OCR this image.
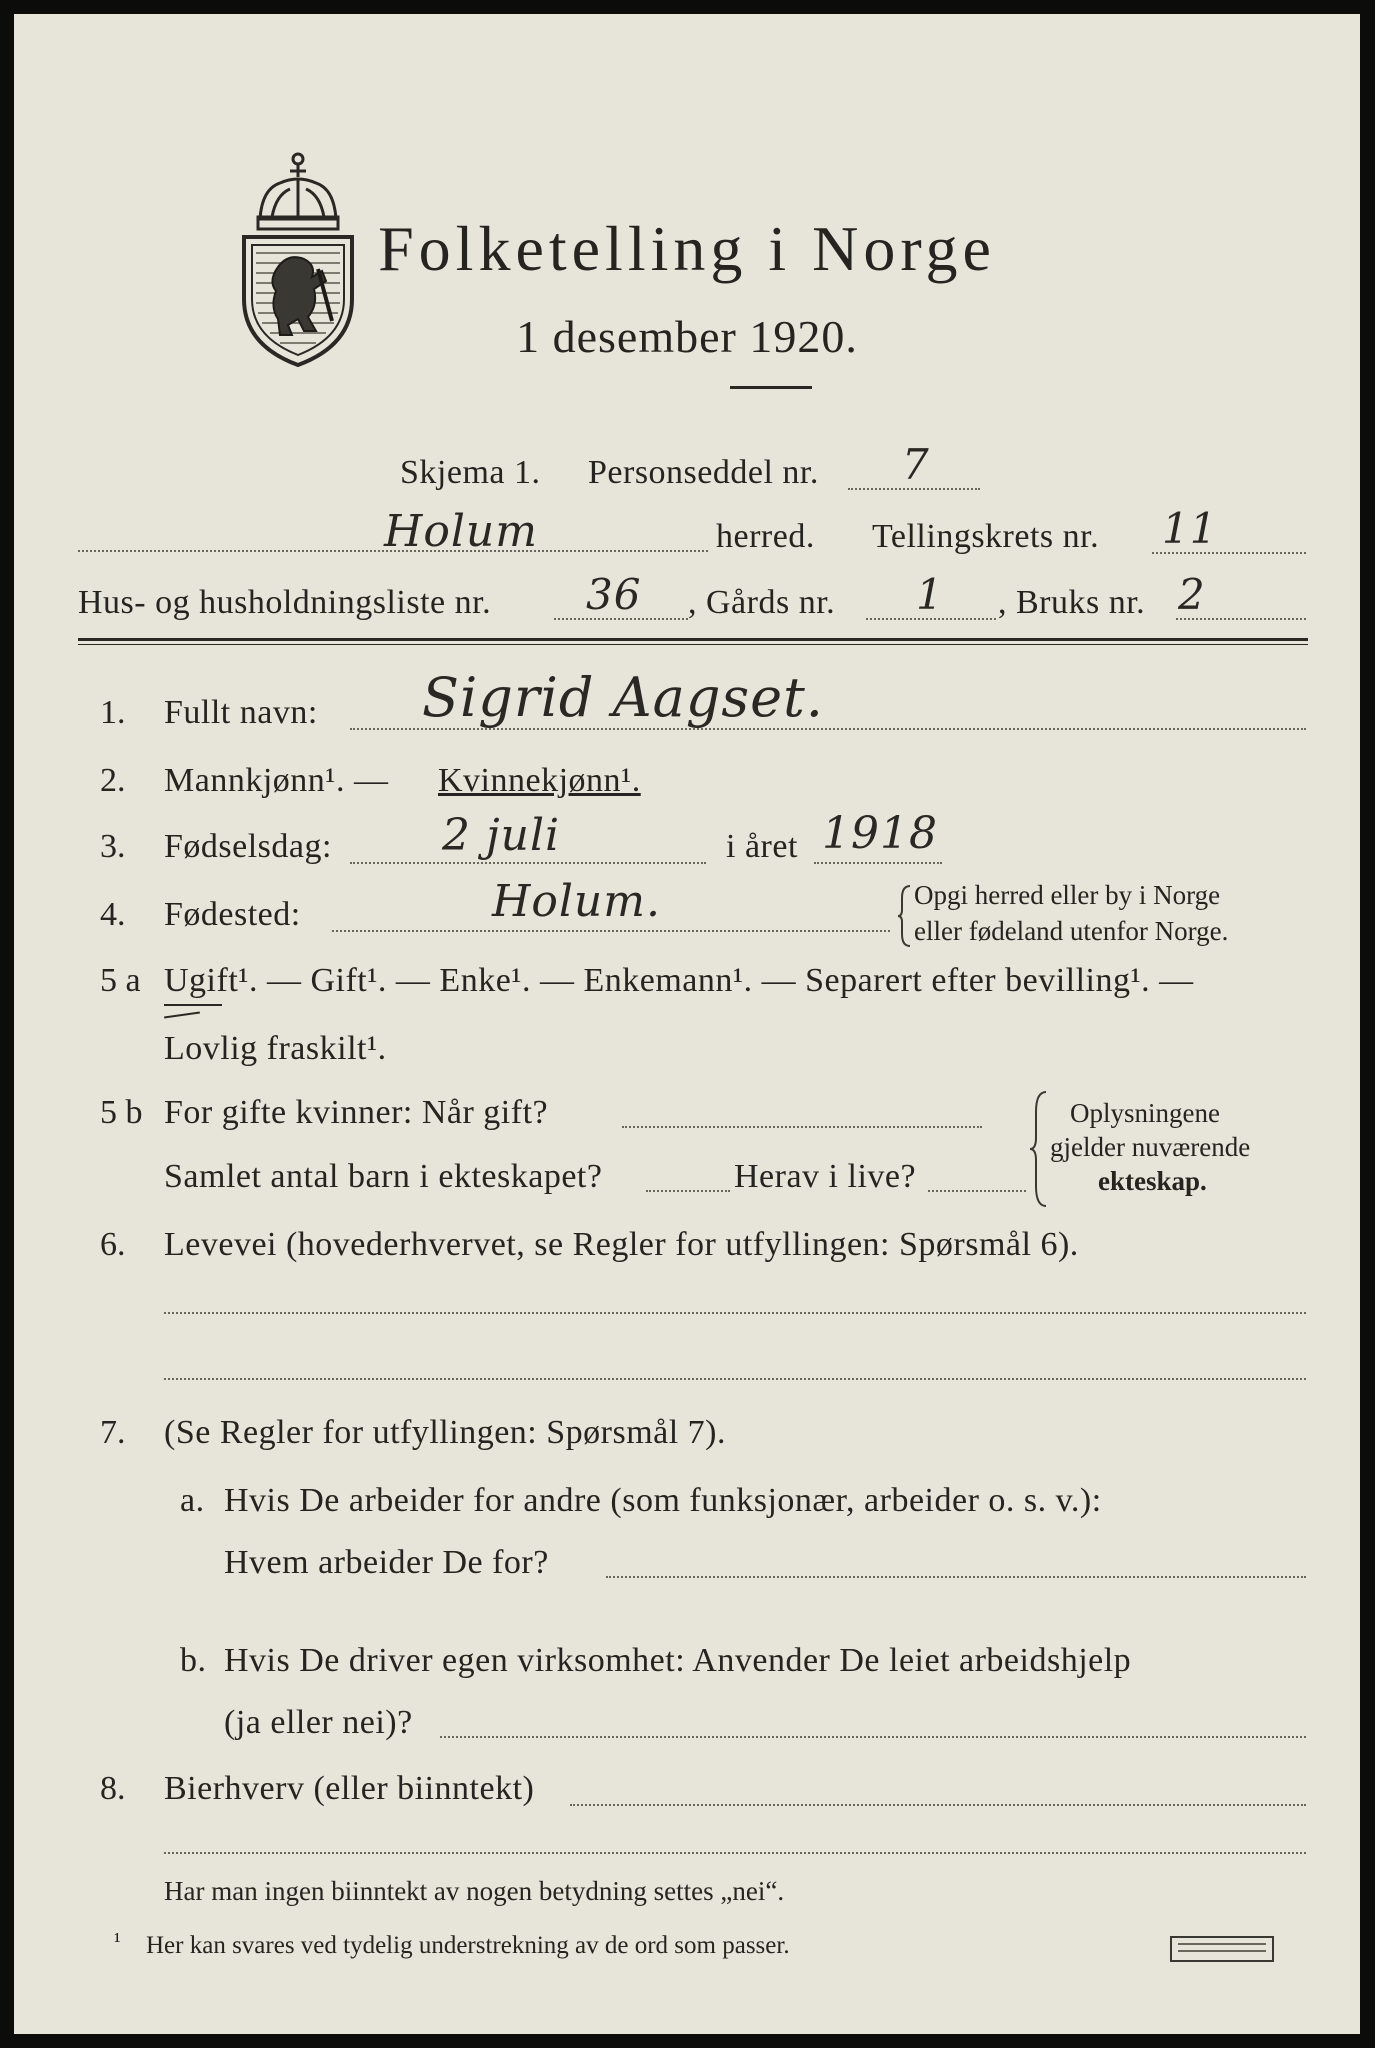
Folketelling i Norge
1 desember 1920.
Skjema 1. Personseddel nr. 7
Holum	herred. Tellingskrets nr. 11
Hus- og husholdningsliste nr. 36 , Gårds nr. 1 , Bruks nr. 2
1. Fullt navn: Sigrid Aagset.
2. Mannkjønn¹. — Kvinnekjønn¹.
3. Fødselsdag:	2 juli	i året 1918
4. Fødested:	Holum.	Opgi herred eller by i Norge
eller fødeland utenfor Norge.
5 a Ugift¹. — Gift¹. — Enke¹. — Enkemann¹. — Separert efter bevilling¹. —
Lovlig fraskilt¹.
5 b For gifte kvinner: Når gift?
Samlet antal barn i ekteskapet?	Herav i live?
Oplysningene
gjelder nuværende
ekteskap.
6. Levevei (hovederhvervet, se Regler for utfyllingen: Spørsmål 6).
7. (Se Regler for utfyllingen: Spørsmål 7).
a. Hvis De arbeider for andre (som funksjonær, arbeider o. s. v.):
Hvem arbeider De for?
b. Hvis De driver egen virksomhet: Anvender De leiet arbeidshjelp
(ja eller nei)?
8. Bierhverv (eller biinntekt)
Har man ingen biinntekt av nogen betydning settes „nei“.
¹ Her kan svares ved tydelig understrekning av de ord som passer.
